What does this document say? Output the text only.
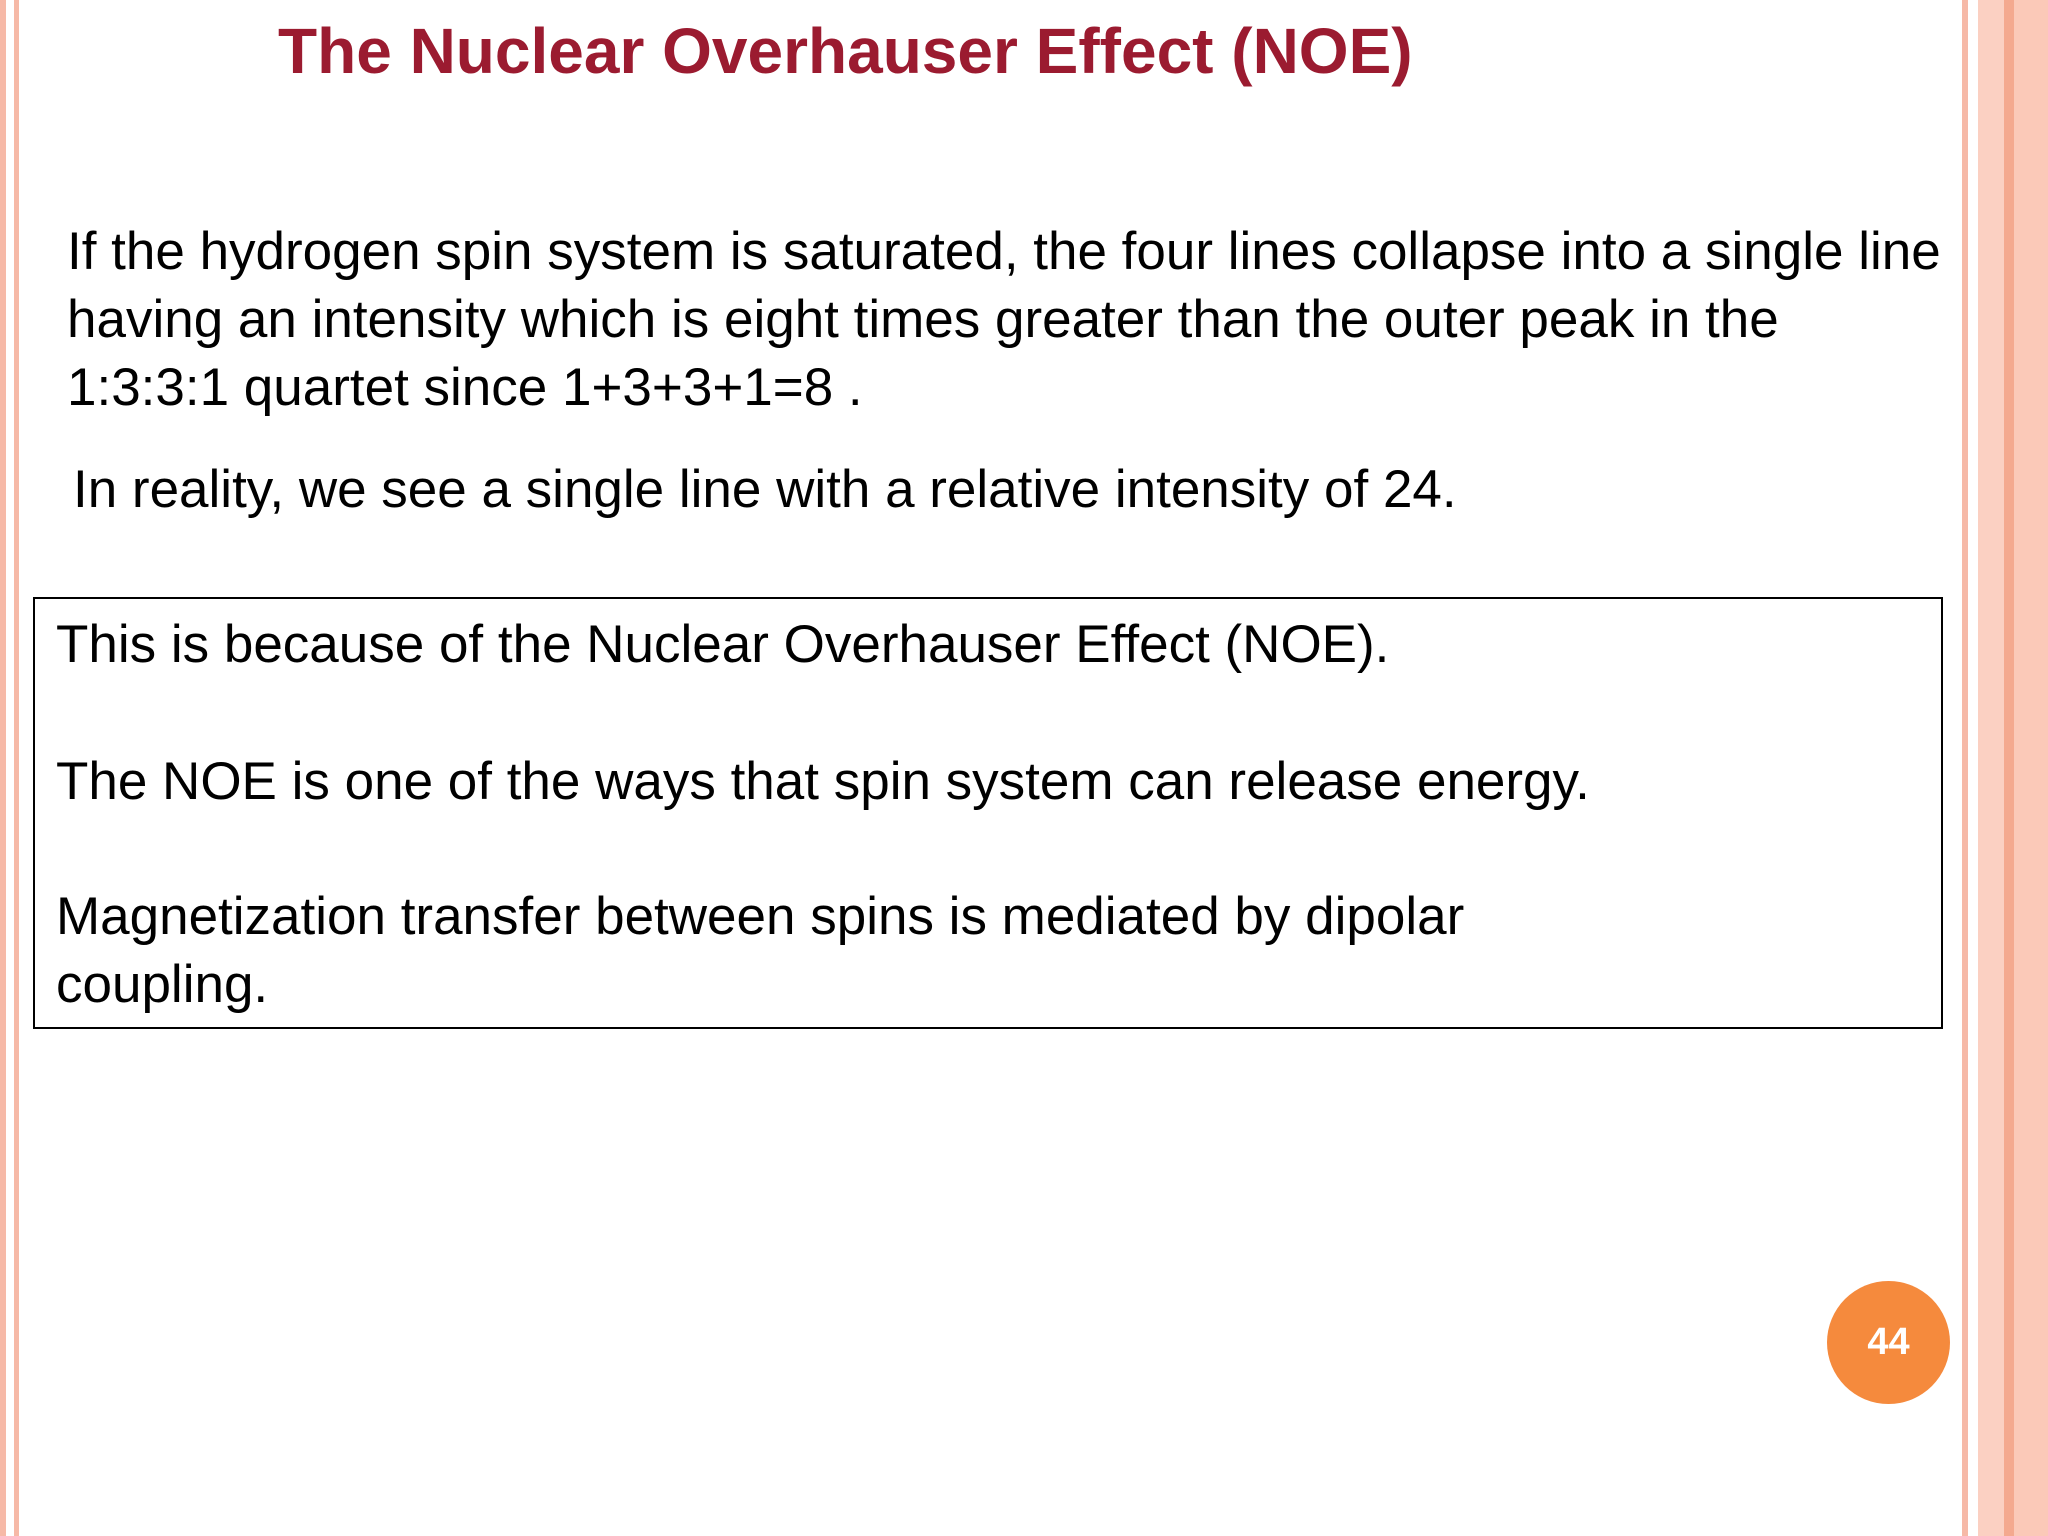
The Nuclear Overhauser Effect (NOE)

If the hydrogen spin system is saturated, the four lines collapse into a single line having an intensity which is eight times greater than the outer peak in the 1:3:3:1 quartet since 1+3+3+1=8 .

In reality, we see a single line with a relative intensity of 24.

This is because of the Nuclear Overhauser Effect (NOE).

The NOE is one of the ways that spin system can release energy.

Magnetization transfer between spins is mediated by dipolar coupling.

44
